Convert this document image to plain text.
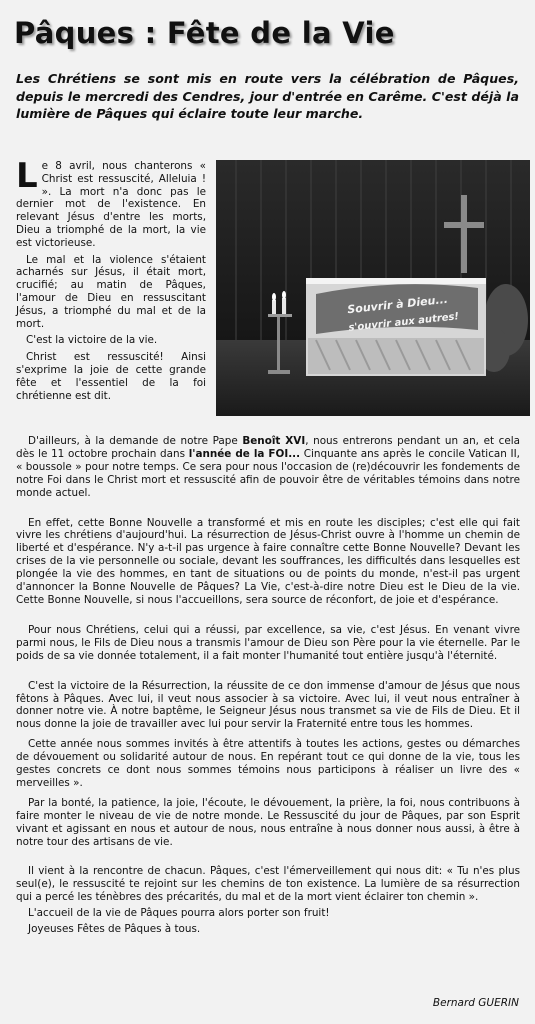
Pâques : Fête de la Vie

Les Chrétiens se sont mis en route vers la célébration de Pâques, depuis le mercredi des Cendres, jour d'entrée en Carême. C'est déjà la lumière de Pâques qui éclaire toute leur marche.

Le 8 avril, nous chanterons « Christ est ressuscité, Alleluia ! ». La mort n'a donc pas le dernier mot de l'existence. En relevant Jésus d'entre les morts, Dieu a triomphé de la mort, la vie est victorieuse.

Le mal et la violence s'étaient acharnés sur Jésus, il était mort, crucifié; au matin de Pâques, l'amour de Dieu en ressuscitant Jésus, a triomphé du mal et de la mort.

C'est la victoire de la vie.

Christ est ressuscité! Ainsi s'exprime la joie de cette grande fête et l'essentiel de la foi chrétienne est dit.

Souvrir à Dieu...
s'ouvrir aux autres!

D'ailleurs, à la demande de notre Pape Benoît XVI, nous entrerons pendant un an, et cela dès le 11 octobre prochain dans l'année de la FOI... Cinquante ans après le concile Vatican II, « boussole » pour notre temps. Ce sera pour nous l'occasion de (re)découvrir les fondements de notre Foi dans le Christ mort et ressuscité afin de pouvoir être de véritables témoins dans notre monde actuel.

En effet, cette Bonne Nouvelle a transformé et mis en route les disciples; c'est elle qui fait vivre les chrétiens d'aujourd'hui. La résurrection de Jésus-Christ ouvre à l'homme un chemin de liberté et d'espérance. N'y a-t-il pas urgence à faire connaître cette Bonne Nouvelle? Devant les crises de la vie personnelle ou sociale, devant les souffrances, les difficultés dans lesquelles est plongée la vie des hommes, en tant de situations ou de points du monde, n'est-il pas urgent d'annoncer la Bonne Nouvelle de Pâques? La Vie, c'est-à-dire notre Dieu est le Dieu de la vie. Cette Bonne Nouvelle, si nous l'accueillons, sera source de réconfort, de joie et d'espérance.

Pour nous Chrétiens, celui qui a réussi, par excellence, sa vie, c'est Jésus. En venant vivre parmi nous, le Fils de Dieu nous a transmis l'amour de Dieu son Père pour la vie éternelle. Par le poids de sa vie donnée totalement, il a fait monter l'humanité tout entière jusqu'à l'éternité.

C'est la victoire de la Résurrection, la réussite de ce don immense d'amour de Jésus que nous fêtons à Pâques. Avec lui, il veut nous associer à sa victoire. Avec lui, il veut nous entraîner à donner notre vie. À notre baptême, le Seigneur Jésus nous transmet sa vie de Fils de Dieu. Et il nous donne la joie de travailler avec lui pour servir la Fraternité entre tous les hommes.

Cette année nous sommes invités à être attentifs à toutes les actions, gestes ou démarches de dévouement ou solidarité autour de nous. En repérant tout ce qui donne de la vie, tous les gestes concrets ce dont nous sommes témoins nous participons à réaliser un livre des « merveilles ».

Par la bonté, la patience, la joie, l'écoute, le dévouement, la prière, la foi, nous contribuons à faire monter le niveau de vie de notre monde. Le Ressuscité du jour de Pâques, par son Esprit vivant et agissant en nous et autour de nous, nous entraîne à nous donner nous aussi, à être à notre tour des artisans de vie.

Il vient à la rencontre de chacun. Pâques, c'est l'émerveillement qui nous dit: « Tu n'es plus seul(e), le ressuscité te rejoint sur les chemins de ton existence. La lumière de sa résurrection qui a percé les ténèbres des précarités, du mal et de la mort vient éclairer ton chemin ».

L'accueil de la vie de Pâques pourra alors porter son fruit!

Joyeuses Fêtes de Pâques à tous.

Bernard GUERIN
